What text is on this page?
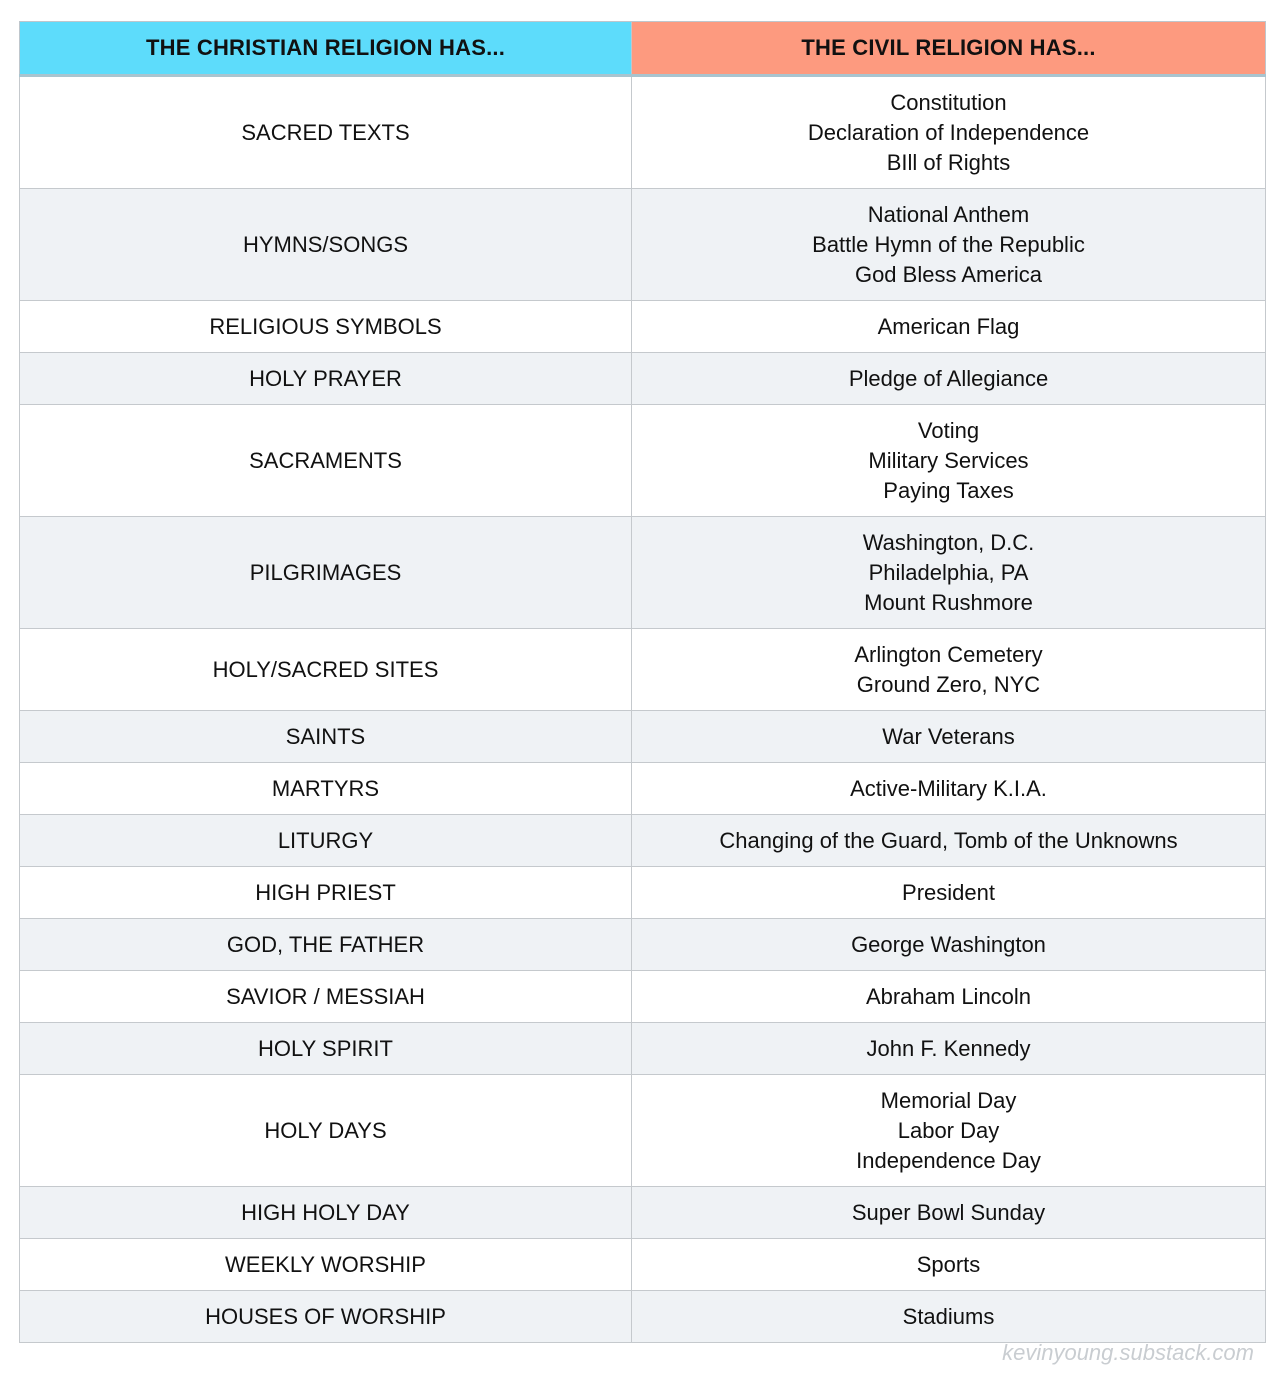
THE CHRISTIAN RELIGION HAS...	THE CIVIL RELIGION HAS...
SACRED TEXTS	Constitution
Declaration of Independence
BIll of Rights

HYMNS/SONGS	National Anthem
Battle Hymn of the Republic
God Bless America

RELIGIOUS SYMBOLS	American Flag

HOLY PRAYER	Pledge of Allegiance

SACRAMENTS	Voting
Military Services
Paying Taxes

PILGRIMAGES	Washington, D.C.
Philadelphia, PA
Mount Rushmore

HOLY/SACRED SITES	Arlington Cemetery
Ground Zero, NYC

SAINTS	War Veterans

MARTYRS	Active-Military K.I.A.

LITURGY	Changing of the Guard, Tomb of the Unknowns

HIGH PRIEST	President

GOD, THE FATHER	George Washington

SAVIOR / MESSIAH	Abraham Lincoln

HOLY SPIRIT	John F. Kennedy

HOLY DAYS	Memorial Day
Labor Day
Independence Day

HIGH HOLY DAY	Super Bowl Sunday

WEEKLY WORSHIP	Sports

HOUSES OF WORSHIP	Stadiums
kevinyoung.substack.com
